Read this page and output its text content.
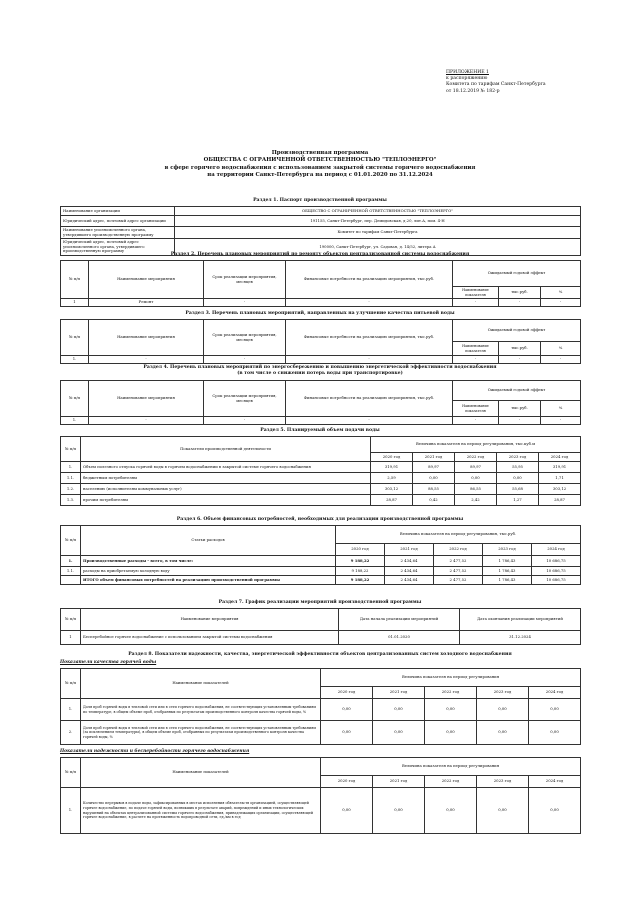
ПРИЛОЖЕНИЕ 1
к распоряжению
Комитета по тарифам Санкт-Петербурга
от 18.12.2019 № 182-р
Производственная программа
ОБЩЕСТВА С ОГРАНИЧЕННОЙ ОТВЕТСТВЕННОСТЬЮ "ТЕПЛОЭНЕРГО"
в сфере горячего водоснабжения с использованием закрытой системы горячего водоснабжения
на территории Санкт-Петербурга на период с 01.01.2020 по 31.12.2024
Раздел 1. Паспорт производственной программы
Наименование организации	ОБЩЕСТВО С ОГРАНИЧЕННОЙ ОТВЕТСТВЕННОСТЬЮ "ТЕПЛОЭНЕРГО"
Юридический адрес, почтовый адрес организации	191155, Санкт-Петербург, пер. Демидовская, д.20, лит.А, пом. 4-Н
Наименование уполномоченного органа, утвердившего производственную программу	Комитет по тарифам Санкт-Петербурга
Юридический адрес, почтовый адрес уполномоченного органа, утвердившего производственную программу	190000, Санкт-Петербург, ул. Садовая, д. 14/52, литера А
Раздел 2. Перечень плановых мероприятий по ремонту объектов централизованной системы водоснабжения
№ п/п	Наименование мероприятия	Срок реализации мероприятия, месяцев	Финансовые потребности на реализацию мероприятия, тыс.руб.	Ожидаемый годовой эффект		
				Наименование показателя	тыс.руб.	%
1	Ремонт	-	-	-	-	-
Раздел 3. Перечень плановых мероприятий, направленных на улучшение качества питьевой воды
№ п/п	Наименование мероприятия	Срок реализации мероприятия, месяцев	Финансовые потребности на реализацию мероприятия, тыс.руб.	Ожидаемый годовой эффект		
				Наименование показателя	тыс.руб.	%
1.	-	-	-	-	-	-
Раздел 4. Перечень плановых мероприятий по энергосбережению и повышению энергетической эффективности водоснабжения
(в том числе о снижении потерь воды при транспортировке)
№ п/п	Наименование мероприятия	Срок реализации мероприятия, месяцев	Финансовые потребности на реализацию мероприятия, тыс.руб.	Ожидаемый годовой эффект		
				Наименование показателя	тыс.руб.	%
1.	-	-	-	-	-	-
Раздел 5. Планируемый объем подачи воды
№ п/п	Показатели производственной деятельности	Величина показателя на период регулирования, тыс.куб.м				
		2020 год	2021 год	2022 год	2023 год	2024 год
1.	Объем полезного отпуска горячей воды в горячем водоснабжении в закрытой системе горячего водоснабжения	319,91	89,97	89,97	55,95	319,91
1.1.	бюджетным потребителям	2,59	0,00	0,00	0,00	1,71
1.2.	населению (исполнителям коммунальных услуг)	303,12	88,55	86,55	55,68	303,12
1.3.	прочим потребителям	28,87	0,42	2,42	1,27	28,87
Раздел 6. Объем финансовых потребностей, необходимых для реализации производственной программы
№ п/п	Статьи расходов	Величина показателя на период регулирования, тыс.руб.				
		2020 год	2021 год	2022 год	2023 год	2024 год
1.	Производственные расходы - всего, в том числе:	9 188,22	2 434,64	2 477,52	1 786,43	10 686,75
1.1.	расходы на приобретаемую холодную воду	9 188,22	2 434,64	2 477,52	1 786,43	10 686,75
	ИТОГО объем финансовых потребностей на реализацию производственной программы	9 188,22	2 434,64	2 477,52	1 786,43	10 686,75
Раздел 7. График реализации мероприятий производственной программы
№ п/п	Наименование мероприятия	Дата начала реализации мероприятий	Дата окончания реализации мероприятий
1	Бесперебойное горячее водоснабжение с использованием закрытой системы водоснабжения	01.01.2020	31.12.2024
Раздел 8. Показатели надежности, качества, энергетической эффективности объектов централизованных систем холодного водоснабжения
Показатели качества горячей воды
№ п/п	Наименование показателей	Величина показателя на период регулирования				
		2020 год	2021 год	2022 год	2023 год	2024 год
1.	Доля проб горячей воды в тепловой сети или в сети горячего водоснабжения, не соответствующих установленным требованиям по температуре, в общем объеме проб, отобранных по результатам производственного контроля качества горячей воды, %	0,00	0,00	0,00	0,00	0,00
2.	Доля проб горячей воды в тепловой сети или в сети горячего водоснабжения, не соответствующих установленным требованиям (за исключением температуры), в общем объеме проб, отобранных по результатам производственного контроля качества горячей воды, %	0,00	0,00	0,00	0,00	0,00
Показатели надежности и бесперебойности горячего водоснабжения
№ п/п	Наименование показателей	Величина показателя на период регулирования				
		2020 год	2021 год	2022 год	2023 год	2024 год
1.	Количество перерывов в подаче воды, зафиксированных в местах исполнения обязательств организацией, осуществляющей горячее водоснабжение, по подаче горячей воды, возникших в результате аварий, повреждений и иных технологических нарушений на объектах централизованной системы горячего водоснабжения, принадлежащих организации, осуществляющей горячее водоснабжение, в расчете на протяженность водопроводной сети, ед./км в год	0,00	0,00	0,00	0,00	0,00
